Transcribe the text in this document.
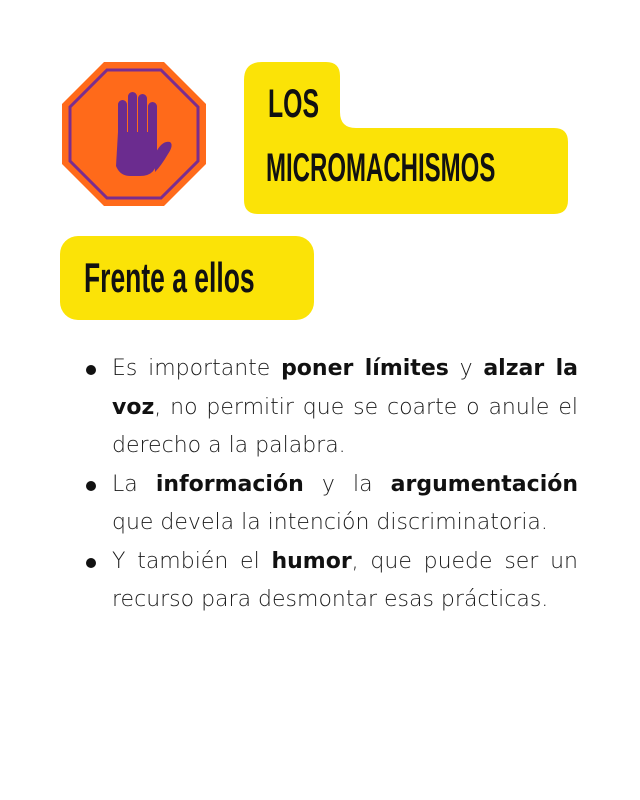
LOS
MICROMACHISMOS
Frente a ellos
Es importante poner límites y alzar la voz, no permitir que se coarte o anule el derecho a la palabra.
La información y la argumentación que devela la intención discriminatoria.
Y también el humor, que puede ser un recurso para desmontar esas prácticas.
